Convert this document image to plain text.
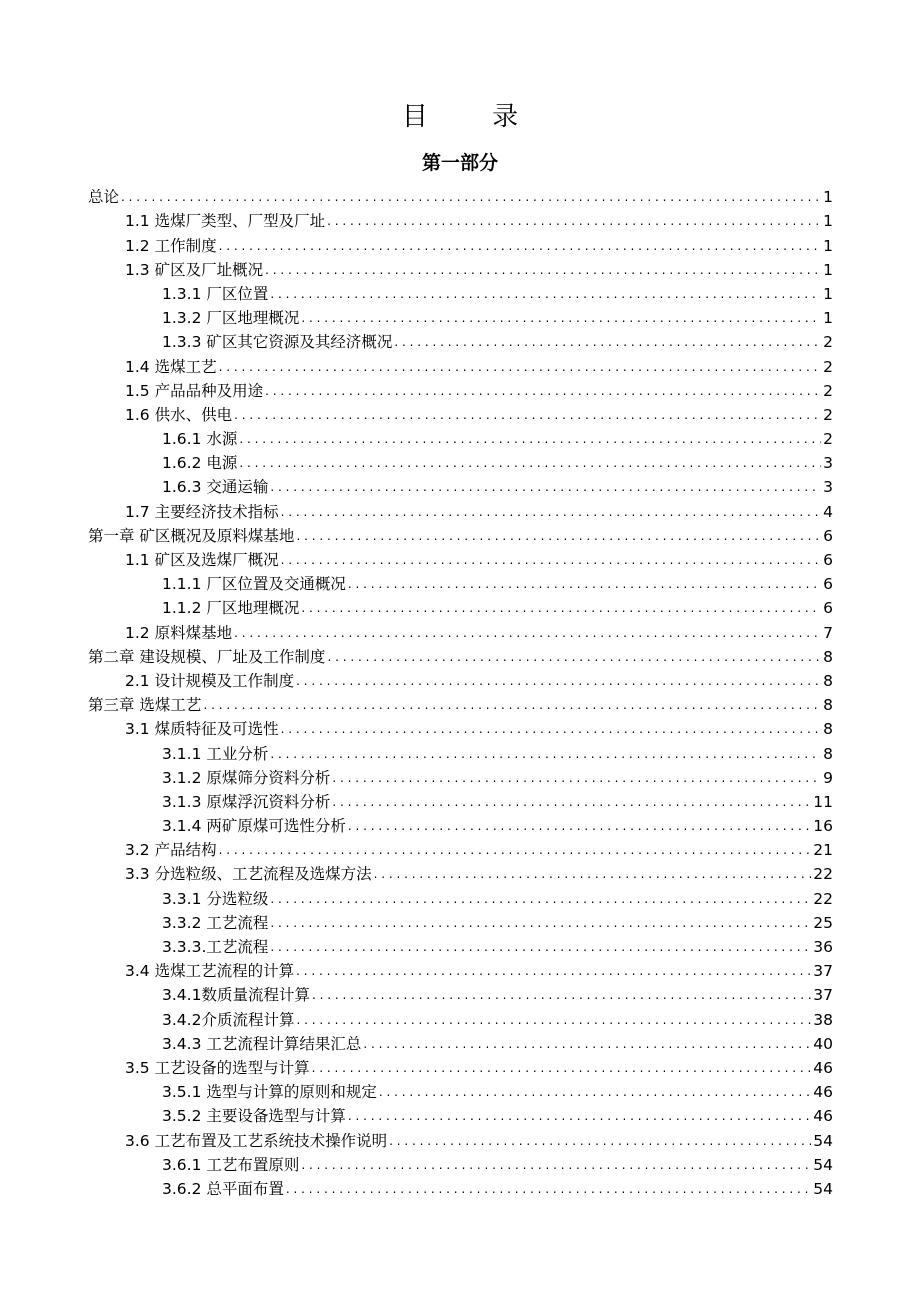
目 录
第一部分
总论 . . .	1
1.1 选煤厂类型、厂型及厂址 . . .	1
1.2 工作制度 . . .	1
1.3 矿区及厂址概况 . . .	1
1.3.1 厂区位置 . . .	1
1.3.2 厂区地理概况 . . .	1
1.3.3 矿区其它资源及其经济概况 . . .	2
1.4 选煤工艺 . . .	2
1.5 产品品种及用途 . . .	2
1.6 供水、供电 . . .	2
1.6.1 水源 . . .	2
1.6.2 电源 . . .	3
1.6.3 交通运输 . . .	3
1.7 主要经济技术指标 . . .	4
第一章 矿区概况及原料煤基地 . . .	6
1.1 矿区及选煤厂概况 . . .	6
1.1.1 厂区位置及交通概况 . . .	6
1.1.2 厂区地理概况 . . .	6
1.2 原料煤基地 . . .	7
第二章 建设规模、厂址及工作制度 . . .	8
2.1 设计规模及工作制度 . . .	8
第三章 选煤工艺 . . .	8
3.1 煤质特征及可选性 . . .	8
3.1.1 工业分析 . . .	8
3.1.2 原煤筛分资料分析 . . .	9
3.1.3 原煤浮沉资料分析 . . .	11
3.1.4 两矿原煤可选性分析 . . .	16
3.2 产品结构 . . .	21
3.3 分选粒级、工艺流程及选煤方法 . . .	22
3.3.1 分选粒级 . . .	22
3.3.2 工艺流程 . . .	25
3.3.3.工艺流程 . . .	36
3.4 选煤工艺流程的计算 . . .	37
3.4.1数质量流程计算 . . .	37
3.4.2介质流程计算 . . .	38
3.4.3 工艺流程计算结果汇总 . . .	40
3.5 工艺设备的选型与计算 . . .	46
3.5.1 选型与计算的原则和规定 . . .	46
3.5.2 主要设备选型与计算 . . .	46
3.6 工艺布置及工艺系统技术操作说明 . . .	54
3.6.1 工艺布置原则 . . .	54
3.6.2 总平面布置 . . .	54
